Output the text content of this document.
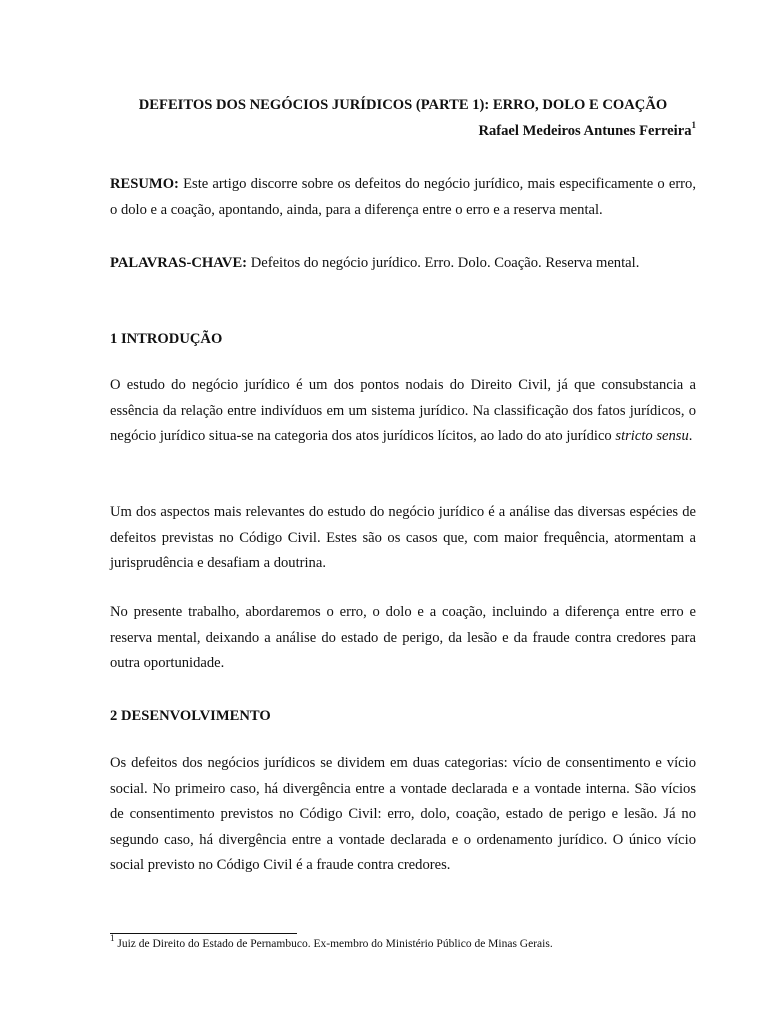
DEFEITOS DOS NEGÓCIOS JURÍDICOS (PARTE 1): ERRO, DOLO E COAÇÃO
Rafael Medeiros Antunes Ferreira$^1$
RESUMO: Este artigo discorre sobre os defeitos do negócio jurídico, mais especificamente o erro, o dolo e a coação, apontando, ainda, para a diferença entre o erro e a reserva mental.
PALAVRAS-CHAVE: Defeitos do negócio jurídico. Erro. Dolo. Coação. Reserva mental.
1 INTRODUÇÃO
O estudo do negócio jurídico é um dos pontos nodais do Direito Civil, já que consubstancia a essência da relação entre indivíduos em um sistema jurídico. Na classificação dos fatos jurídicos, o negócio jurídico situa-se na categoria dos atos jurídicos lícitos, ao lado do ato jurídico stricto sensu.
Um dos aspectos mais relevantes do estudo do negócio jurídico é a análise das diversas espécies de defeitos previstas no Código Civil. Estes são os casos que, com maior frequência, atormentam a jurisprudência e desafiam a doutrina.
No presente trabalho, abordaremos o erro, o dolo e a coação, incluindo a diferença entre erro e reserva mental, deixando a análise do estado de perigo, da lesão e da fraude contra credores para outra oportunidade.
2 DESENVOLVIMENTO
Os defeitos dos negócios jurídicos se dividem em duas categorias: vício de consentimento e vício social. No primeiro caso, há divergência entre a vontade declarada e a vontade interna. São vícios de consentimento previstos no Código Civil: erro, dolo, coação, estado de perigo e lesão. Já no segundo caso, há divergência entre a vontade declarada e o ordenamento jurídico. O único vício social previsto no Código Civil é a fraude contra credores.
$^1$ Juiz de Direito do Estado de Pernambuco. Ex-membro do Ministério Público de Minas Gerais.
